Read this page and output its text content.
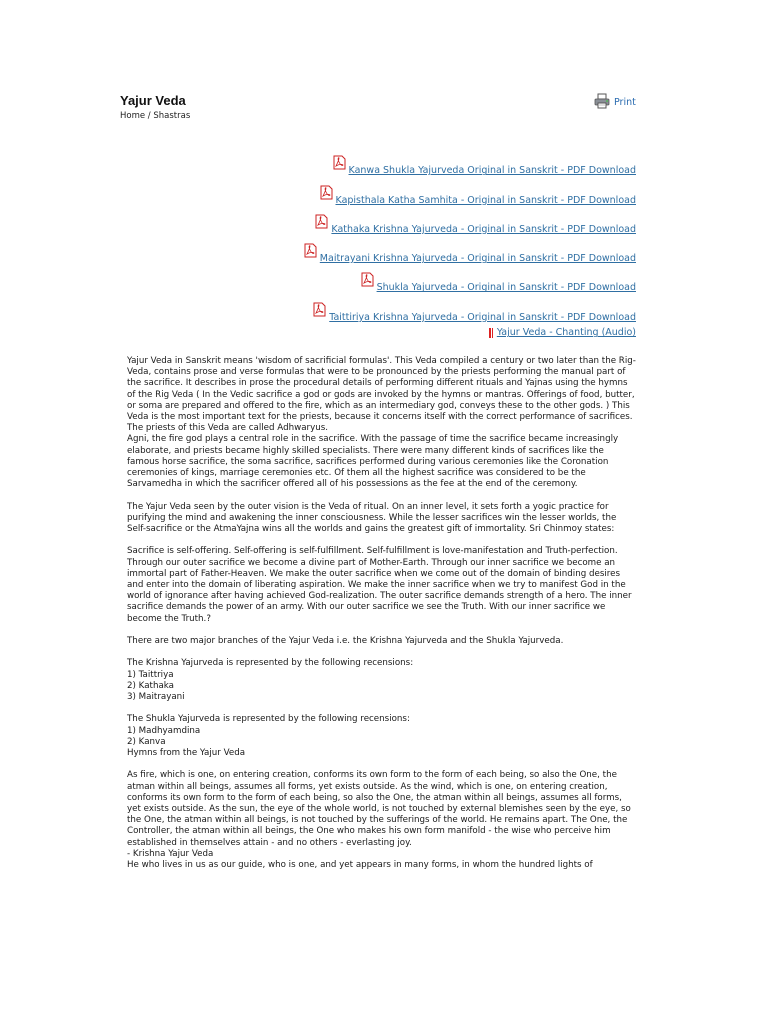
Yajur Veda
Home / Shastras
Print
Kanwa Shukla Yajurveda Original in Sanskrit - PDF Download
Kapisthala Katha Samhita - Original in Sanskrit - PDF Download
Kathaka Krishna Yajurveda - Original in Sanskrit - PDF Download
Maitrayani Krishna Yajurveda - Original in Sanskrit - PDF Download
Shukla Yajurveda - Original in Sanskrit - PDF Download
Taittiriya Krishna Yajurveda - Original in Sanskrit - PDF Download
Yajur Veda - Chanting (Audio)

Yajur Veda in Sanskrit means 'wisdom of sacrificial formulas'. This Veda compiled a century or two later than the Rig-Veda, contains prose and verse formulas that were to be pronounced by the priests performing the manual part of the sacrifice. It describes in prose the procedural details of performing different rituals and Yajnas using the hymns of the Rig Veda ( In the Vedic sacrifice a god or gods are invoked by the hymns or mantras. Offerings of food, butter, or soma are prepared and offered to the fire, which as an intermediary god, conveys these to the other gods. ) This Veda is the most important text for the priests, because it concerns itself with the correct performance of sacrifices. The priests of this Veda are called Adhwaryus.

Agni, the fire god plays a central role in the sacrifice. With the passage of time the sacrifice became increasingly elaborate, and priests became highly skilled specialists. There were many different kinds of sacrifices like the famous horse sacrifice, the soma sacrifice, sacrifices performed during various ceremonies like the Coronation ceremonies of kings, marriage ceremonies etc. Of them all the highest sacrifice was considered to be the Sarvamedha in which the sacrificer offered all of his possessions as the fee at the end of the ceremony.

The Yajur Veda seen by the outer vision is the Veda of ritual. On an inner level, it sets forth a yogic practice for purifying the mind and awakening the inner consciousness. While the lesser sacrifices win the lesser worlds, the Self-sacrifice or the AtmaYajna wins all the worlds and gains the greatest gift of immortality. Sri Chinmoy states:

Sacrifice is self-offering. Self-offering is self-fulfillment. Self-fulfillment is love-manifestation and Truth-perfection. Through our outer sacrifice we become a divine part of Mother-Earth. Through our inner sacrifice we become an immortal part of Father-Heaven. We make the outer sacrifice when we come out of the domain of binding desires and enter into the domain of liberating aspiration. We make the inner sacrifice when we try to manifest God in the world of ignorance after having achieved God-realization. The outer sacrifice demands strength of a hero. The inner sacrifice demands the power of an army. With our outer sacrifice we see the Truth. With our inner sacrifice we become the Truth.?

There are two major branches of the Yajur Veda i.e. the Krishna Yajurveda and the Shukla Yajurveda.

The Krishna Yajurveda is represented by the following recensions:
1) Taittriya
2) Kathaka
3) Maitrayani

The Shukla Yajurveda is represented by the following recensions:
1) Madhyamdina
2) Kanva
Hymns from the Yajur Veda

As fire, which is one, on entering creation, conforms its own form to the form of each being, so also the One, the atman within all beings, assumes all forms, yet exists outside. As the wind, which is one, on entering creation, conforms its own form to the form of each being, so also the One, the atman within all beings, assumes all forms, yet exists outside. As the sun, the eye of the whole world, is not touched by external blemishes seen by the eye, so the One, the atman within all beings, is not touched by the sufferings of the world. He remains apart. The One, the Controller, the atman within all beings, the One who makes his own form manifold - the wise who perceive him established in themselves attain - and no others - everlasting joy.
- Krishna Yajur Veda
He who lives in us as our guide, who is one, and yet appears in many forms, in whom the hundred lights of
